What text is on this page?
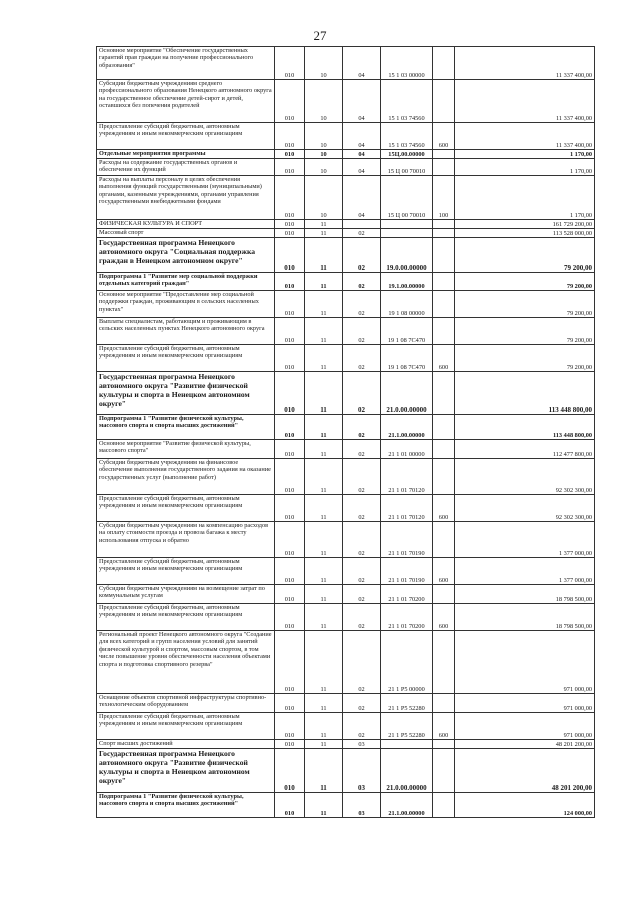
27
Основное мероприятие "Обеспечение государственных гарантий прав граждан на получение профессионального образования"	010	10	04	15 1 03 00000		11 337 400,00
Субсидии бюджетным учреждениям среднего профессионального образования Ненецкого автономного округа на государственное обеспечение детей-сирот и детей, оставшихся без попечения родителей	010	10	04	15 1 03 74560		11 337 400,00
Предоставление субсидий бюджетным, автономным учреждениям и иным некоммерческим организациям	010	10	04	15 1 03 74560	600	11 337 400,00
Отдельные мероприятия программы	010	10	04	15Ц.00.00000		1 170,00
Расходы на содержание государственных органов и обеспечение их функций	010	10	04	15 Ц 00 70010		1 170,00
Расходы на выплаты персоналу в целях обеспечения выполнения функций государственными (муниципальными) органами, казенными учреждениями, органами управления государственными внебюджетными фондами	010	10	04	15 Ц 00 70010	100	1 170,00
ФИЗИЧЕСКАЯ КУЛЬТУРА И СПОРТ	010	11				161 729 200,00
Массовый спорт	010	11	02			113 528 000,00
Государственная программа Ненецкого автономного округа "Социальная поддержка граждан в Ненецком автономном округе"	010	11	02	19.0.00.00000		79 200,00
Подпрограмма 1 "Развитие мер социальной поддержки отдельных категорий граждан"	010	11	02	19.1.00.00000		79 200,00
Основное мероприятие "Предоставление мер социальной поддержки граждан, проживающим в сельских населенных пунктах"	010	11	02	19 1 08 00000		79 200,00
Выплаты специалистам, работающим и проживающим в сельских населенных пунктах Ненецкого автономного округа	010	11	02	19 1 08 7С470		79 200,00
Предоставление субсидий бюджетным, автономным учреждениям и иным некоммерческим организациям	010	11	02	19 1 08 7С470	600	79 200,00
Государственная программа Ненецкого автономного округа "Развитие физической культуры и спорта в Ненецком автономном округе"	010	11	02	21.0.00.00000		113 448 800,00
Подпрограмма 1 "Развитие физической культуры, массового спорта и спорта высших достижений"	010	11	02	21.1.00.00000		113 448 800,00
Основное мероприятие "Развитие физической культуры, массового спорта"	010	11	02	21 1 01 00000		112 477 800,00
Субсидии бюджетным учреждениям на финансовое обеспечение выполнения государственного задания на оказание государственных услуг (выполнение работ)	010	11	02	21 1 01 70120		92 302 300,00
Предоставление субсидий бюджетным, автономным учреждениям и иным некоммерческим организациям	010	11	02	21 1 01 70120	600	92 302 300,00
Субсидии бюджетным учреждениям на компенсацию расходов на оплату стоимости проезда и провоза багажа к месту использования отпуска и обратно	010	11	02	21 1 01 70190		1 377 000,00
Предоставление субсидий бюджетным, автономным учреждениям и иным некоммерческим организациям	010	11	02	21 1 01 70190	600	1 377 000,00
Субсидии бюджетным учреждениям на возмещение затрат по коммунальным услугам	010	11	02	21 1 01 70200		18 798 500,00
Предоставление субсидий бюджетным, автономным учреждениям и иным некоммерческим организациям	010	11	02	21 1 01 70200	600	18 798 500,00
Региональный проект Ненецкого автономного округа "Создание для всех категорий и групп населения условий для занятий физической культурой и спортом, массовым спортом, в том числе повышение уровня обеспеченности населения объектами спорта и подготовка спортивного резерва"	010	11	02	21 1 P5 00000		971 000,00
Оснащение объектов спортивной инфраструктуры спортивно-технологическим оборудованием	010	11	02	21 1 P5 52280		971 000,00
Предоставление субсидий бюджетным, автономным учреждениям и иным некоммерческим организациям	010	11	02	21 1 P5 52280	600	971 000,00
Спорт высших достижений	010	11	03			48 201 200,00
Государственная программа Ненецкого автономного округа "Развитие физической культуры и спорта в Ненецком автономном округе"	010	11	03	21.0.00.00000		48 201 200,00
Подпрограмма 1 "Развитие физической культуры, массового спорта и спорта высших достижений"	010	11	03	21.1.00.00000		124 000,00
